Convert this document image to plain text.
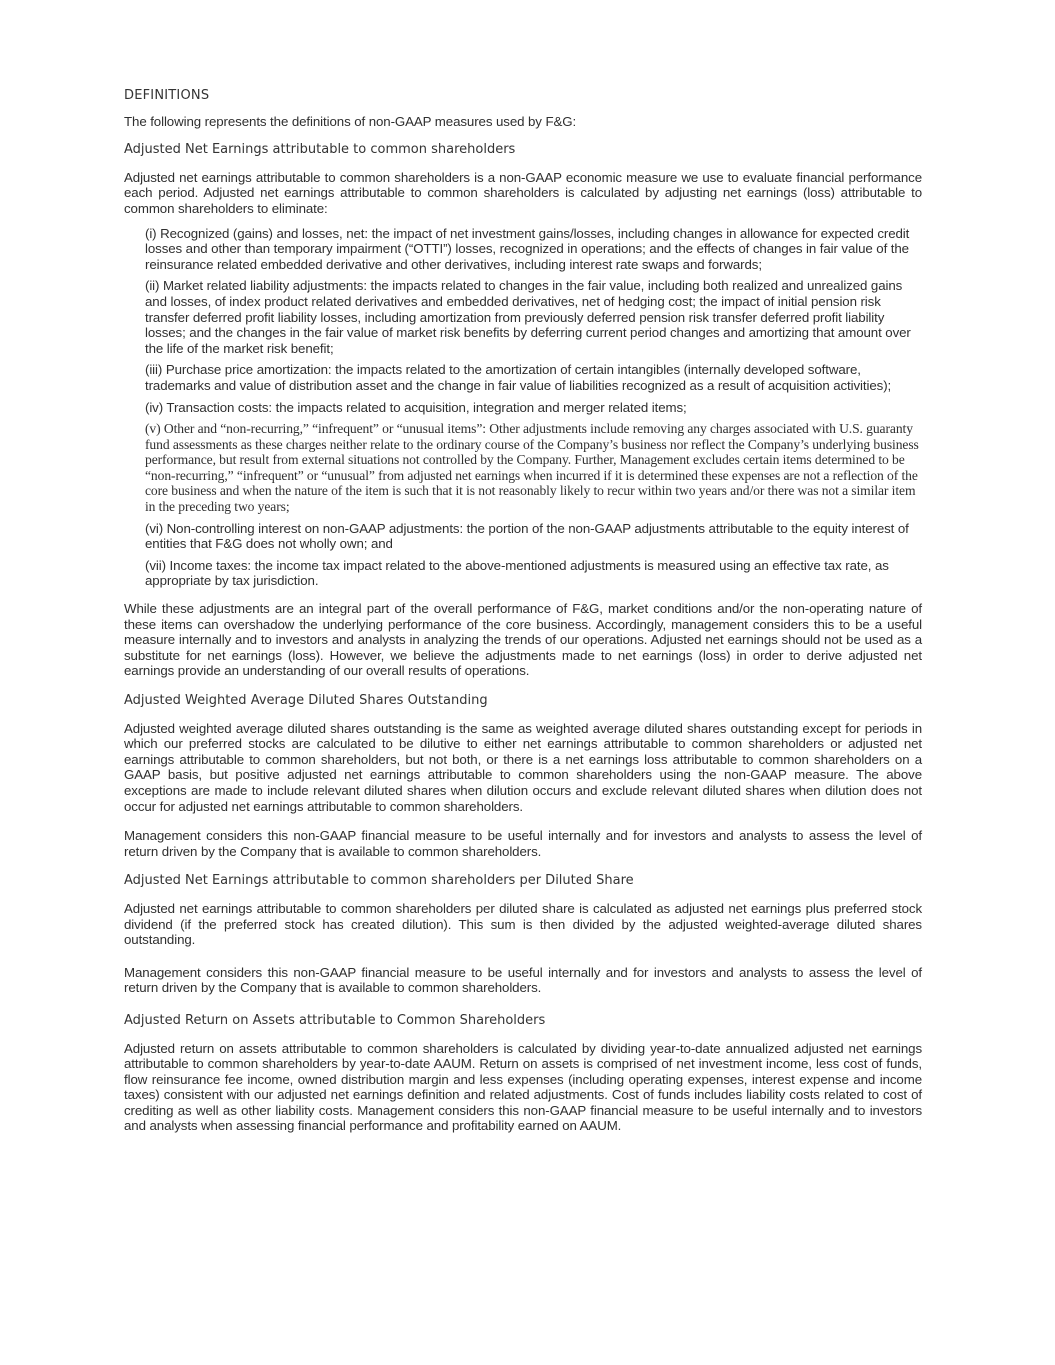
DEFINITIONS
The following represents the definitions of non-GAAP measures used by F&G:
Adjusted Net Earnings attributable to common shareholders
Adjusted net earnings attributable to common shareholders is a non-GAAP economic measure we use to evaluate financial performance each period. Adjusted net earnings attributable to common shareholders is calculated by adjusting net earnings (loss) attributable to common shareholders to eliminate:
(i) Recognized (gains) and losses, net: the impact of net investment gains/losses, including changes in allowance for expected credit losses and other than temporary impairment (“OTTI”) losses, recognized in operations; and the effects of changes in fair value of the reinsurance related embedded derivative and other derivatives, including interest rate swaps and forwards;
(ii) Market related liability adjustments: the impacts related to changes in the fair value, including both realized and unrealized gains and losses, of index product related derivatives and embedded derivatives, net of hedging cost; the impact of initial pension risk transfer deferred profit liability losses, including amortization from previously deferred pension risk transfer deferred profit liability losses; and the changes in the fair value of market risk benefits by deferring current period changes and amortizing that amount over the life of the market risk benefit;
(iii) Purchase price amortization: the impacts related to the amortization of certain intangibles (internally developed software, trademarks and value of distribution asset and the change in fair value of liabilities recognized as a result of acquisition activities);
(iv) Transaction costs: the impacts related to acquisition, integration and merger related items;
(v) Other and “non-recurring,” “infrequent” or “unusual items”: Other adjustments include removing any charges associated with U.S. guaranty fund assessments as these charges neither relate to the ordinary course of the Company’s business nor reflect the Company’s underlying business performance, but result from external situations not controlled by the Company. Further, Management excludes certain items determined to be “non-recurring,” “infrequent” or “unusual” from adjusted net earnings when incurred if it is determined these expenses are not a reflection of the core business and when the nature of the item is such that it is not reasonably likely to recur within two years and/or there was not a similar item in the preceding two years;
(vi) Non-controlling interest on non-GAAP adjustments: the portion of the non-GAAP adjustments attributable to the equity interest of entities that F&G does not wholly own; and
(vii) Income taxes: the income tax impact related to the above-mentioned adjustments is measured using an effective tax rate, as appropriate by tax jurisdiction.
While these adjustments are an integral part of the overall performance of F&G, market conditions and/or the non-operating nature of these items can overshadow the underlying performance of the core business. Accordingly, management considers this to be a useful measure internally and to investors and analysts in analyzing the trends of our operations. Adjusted net earnings should not be used as a substitute for net earnings (loss). However, we believe the adjustments made to net earnings (loss) in order to derive adjusted net earnings provide an understanding of our overall results of operations.
Adjusted Weighted Average Diluted Shares Outstanding
Adjusted weighted average diluted shares outstanding is the same as weighted average diluted shares outstanding except for periods in which our preferred stocks are calculated to be dilutive to either net earnings attributable to common shareholders or adjusted net earnings attributable to common shareholders, but not both, or there is a net earnings loss attributable to common shareholders on a GAAP basis, but positive adjusted net earnings attributable to common shareholders using the non-GAAP measure. The above exceptions are made to include relevant diluted shares when dilution occurs and exclude relevant diluted shares when dilution does not occur for adjusted net earnings attributable to common shareholders.
Management considers this non-GAAP financial measure to be useful internally and for investors and analysts to assess the level of return driven by the Company that is available to common shareholders.
Adjusted Net Earnings attributable to common shareholders per Diluted Share
Adjusted net earnings attributable to common shareholders per diluted share is calculated as adjusted net earnings plus preferred stock dividend (if the preferred stock has created dilution). This sum is then divided by the adjusted weighted-average diluted shares outstanding.
Management considers this non-GAAP financial measure to be useful internally and for investors and analysts to assess the level of return driven by the Company that is available to common shareholders.
Adjusted Return on Assets attributable to Common Shareholders
Adjusted return on assets attributable to common shareholders is calculated by dividing year-to-date annualized adjusted net earnings attributable to common shareholders by year-to-date AAUM. Return on assets is comprised of net investment income, less cost of funds, flow reinsurance fee income, owned distribution margin and less expenses (including operating expenses, interest expense and income taxes) consistent with our adjusted net earnings definition and related adjustments. Cost of funds includes liability costs related to cost of crediting as well as other liability costs. Management considers this non-GAAP financial measure to be useful internally and to investors and analysts when assessing financial performance and profitability earned on AAUM.
